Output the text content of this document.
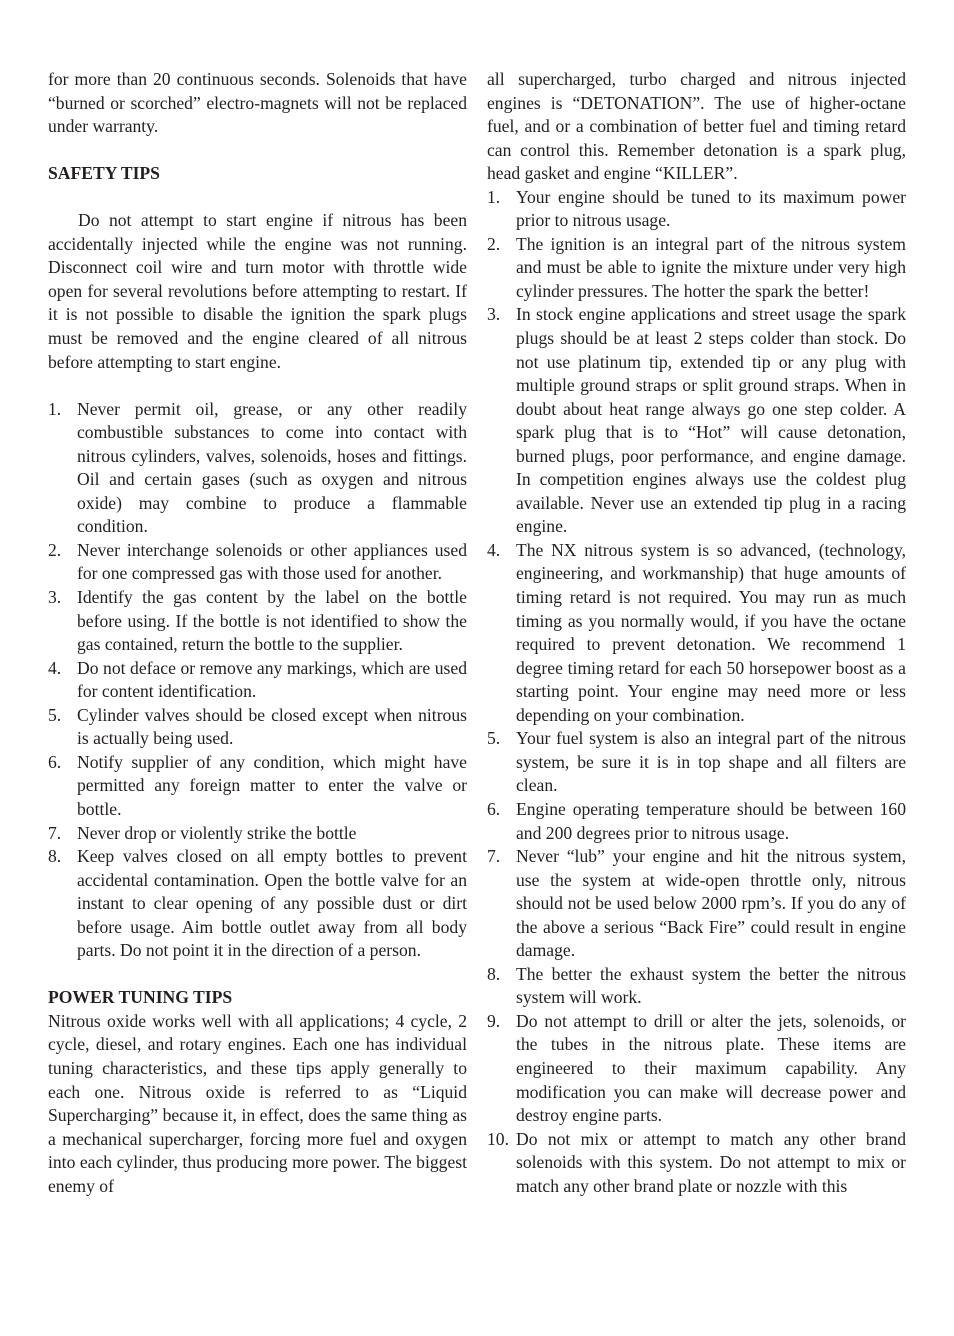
for more than 20 continuous seconds. Solenoids that have “burned or scorched” electro-magnets will not be replaced under warranty.

SAFETY TIPS

Do not attempt to start engine if nitrous has been accidentally injected while the engine was not running. Disconnect coil wire and turn motor with throttle wide open for several revolutions before attempting to restart. If it is not possible to disable the ignition the spark plugs must be removed and the engine cleared of all nitrous before attempting to start engine.

1. Never permit oil, grease, or any other readily combustible substances to come into contact with nitrous cylinders, valves, solenoids, hoses and fittings. Oil and certain gases (such as oxygen and nitrous oxide) may combine to produce a flammable condition.
2. Never interchange solenoids or other appliances used for one compressed gas with those used for another.
3. Identify the gas content by the label on the bottle before using. If the bottle is not identified to show the gas contained, return the bottle to the supplier.
4. Do not deface or remove any markings, which are used for content identification.
5. Cylinder valves should be closed except when nitrous is actually being used.
6. Notify supplier of any condition, which might have permitted any foreign matter to enter the valve or bottle.
7. Never drop or violently strike the bottle
8. Keep valves closed on all empty bottles to prevent accidental contamination. Open the bottle valve for an instant to clear opening of any possible dust or dirt before usage. Aim bottle outlet away from all body parts. Do not point it in the direction of a person.

POWER TUNING TIPS

Nitrous oxide works well with all applications; 4 cycle, 2 cycle, diesel, and rotary engines. Each one has individual tuning characteristics, and these tips apply generally to each one. Nitrous oxide is referred to as “Liquid Supercharging” because it, in effect, does the same thing as a mechanical supercharger, forcing more fuel and oxygen into each cylinder, thus producing more power. The biggest enemy of

all supercharged, turbo charged and nitrous injected engines is “DETONATION”. The use of higher-octane fuel, and or a combination of better fuel and timing retard can control this. Remember detonation is a spark plug, head gasket and engine “KILLER”.

1. Your engine should be tuned to its maximum power prior to nitrous usage.
2. The ignition is an integral part of the nitrous system and must be able to ignite the mixture under very high cylinder pressures. The hotter the spark the better!
3. In stock engine applications and street usage the spark plugs should be at least 2 steps colder than stock. Do not use platinum tip, extended tip or any plug with multiple ground straps or split ground straps. When in doubt about heat range always go one step colder. A spark plug that is to “Hot” will cause detonation, burned plugs, poor performance, and engine damage. In competition engines always use the coldest plug available. Never use an extended tip plug in a racing engine.
4. The NX nitrous system is so advanced, (technology, engineering, and workmanship) that huge amounts of timing retard is not required. You may run as much timing as you normally would, if you have the octane required to prevent detonation. We recommend 1 degree timing retard for each 50 horsepower boost as a starting point. Your engine may need more or less depending on your combination.
5. Your fuel system is also an integral part of the nitrous system, be sure it is in top shape and all filters are clean.
6. Engine operating temperature should be between 160 and 200 degrees prior to nitrous usage.
7. Never “lub” your engine and hit the nitrous system, use the system at wide-open throttle only, nitrous should not be used below 2000 rpm’s. If you do any of the above a serious “Back Fire” could result in engine damage.
8. The better the exhaust system the better the nitrous system will work.
9. Do not attempt to drill or alter the jets, solenoids, or the tubes in the nitrous plate. These items are engineered to their maximum capability. Any modification you can make will decrease power and destroy engine parts.
10. Do not mix or attempt to match any other brand solenoids with this system. Do not attempt to mix or match any other brand plate or nozzle with this
